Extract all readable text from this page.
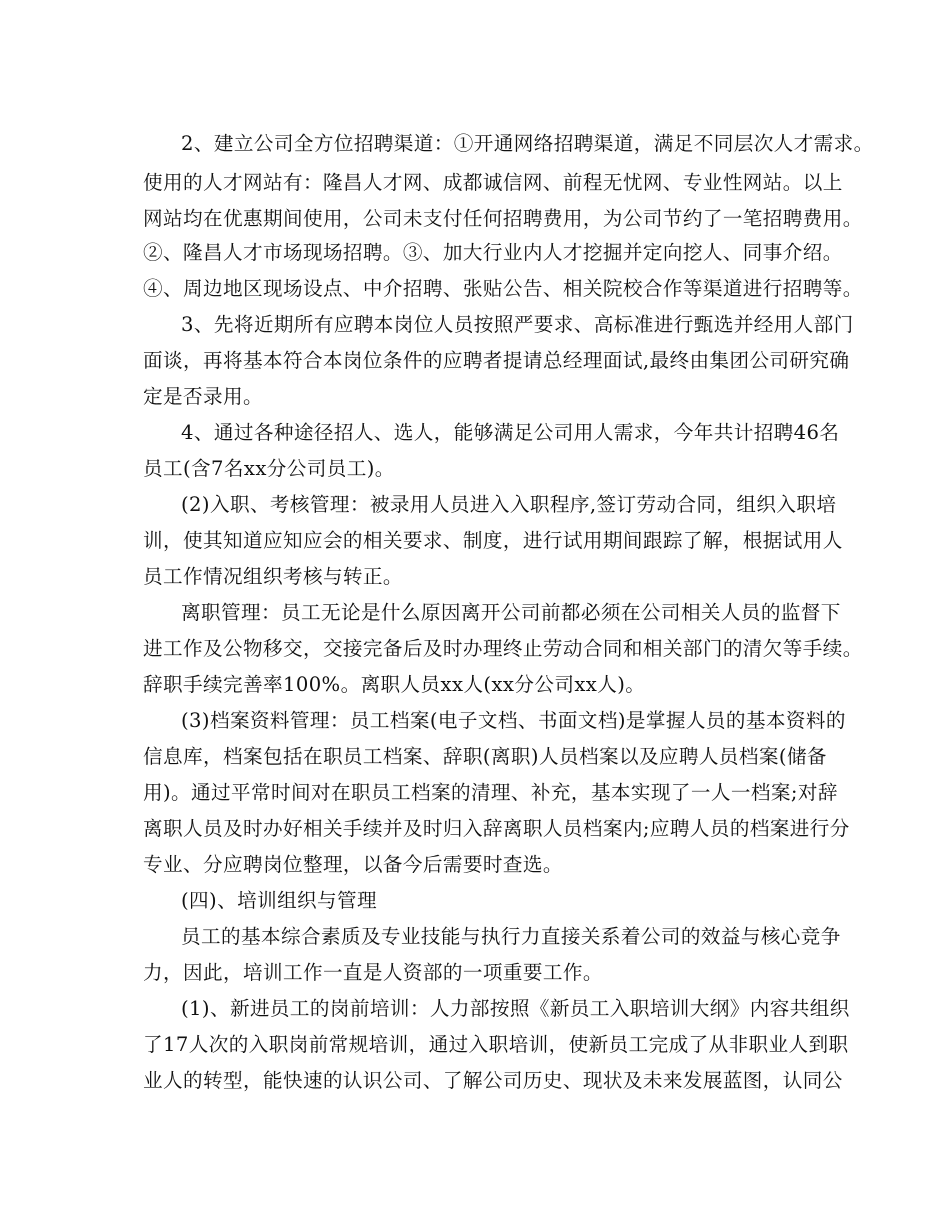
2、建立公司全方位招聘渠道：①开通网络招聘渠道，满足不同层次人才需求。
使用的人才网站有：隆昌人才网、成都诚信网、前程无忧网、专业性网站。以上
网站均在优惠期间使用，公司未支付任何招聘费用，为公司节约了一笔招聘费用。
②、隆昌人才市场现场招聘。③、加大行业内人才挖掘并定向挖人、同事介绍。
④、周边地区现场设点、中介招聘、张贴公告、相关院校合作等渠道进行招聘等。
3、先将近期所有应聘本岗位人员按照严要求、高标准进行甄选并经用人部门
面谈，再将基本符合本岗位条件的应聘者提请总经理面试,最终由集团公司研究确
定是否录用。
4、通过各种途径招人、选人，能够满足公司用人需求，今年共计招聘46名
员工(含7名xx分公司员工)。
(2)入职、考核管理：被录用人员进入入职程序,签订劳动合同，组织入职培
训，使其知道应知应会的相关要求、制度，进行试用期间跟踪了解，根据试用人
员工作情况组织考核与转正。
离职管理：员工无论是什么原因离开公司前都必须在公司相关人员的监督下
进工作及公物移交，交接完备后及时办理终止劳动合同和相关部门的清欠等手续。
辞职手续完善率100%。离职人员xx人(xx分公司xx人)。
(3)档案资料管理：员工档案(电子文档、书面文档)是掌握人员的基本资料的
信息库，档案包括在职员工档案、辞职(离职)人员档案以及应聘人员档案(储备
用)。通过平常时间对在职员工档案的清理、补充，基本实现了一人一档案;对辞
离职人员及时办好相关手续并及时归入辞离职人员档案内;应聘人员的档案进行分
专业、分应聘岗位整理，以备今后需要时查选。
(四)、培训组织与管理
员工的基本综合素质及专业技能与执行力直接关系着公司的效益与核心竞争
力，因此，培训工作一直是人资部的一项重要工作。
(1)、新进员工的岗前培训：人力部按照《新员工入职培训大纲》内容共组织
了17人次的入职岗前常规培训，通过入职培训，使新员工完成了从非职业人到职
业人的转型，能快速的认识公司、了解公司历史、现状及未来发展蓝图，认同公
